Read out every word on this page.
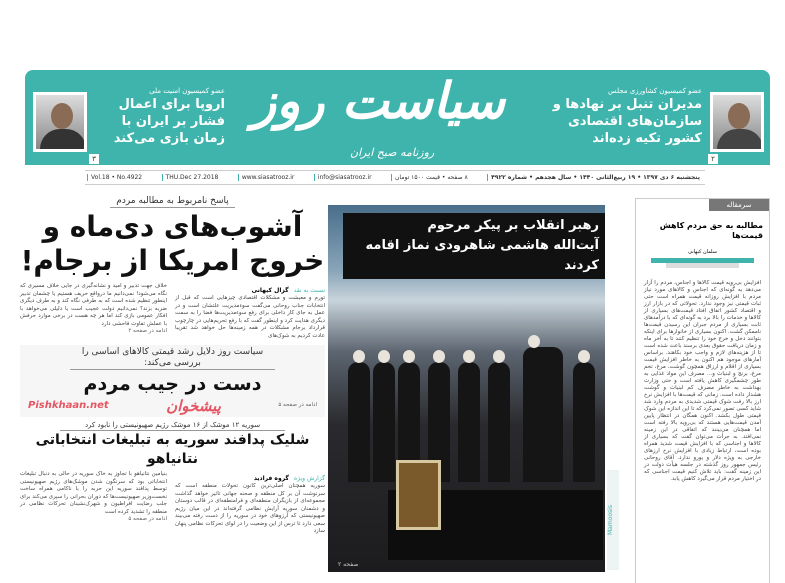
۳
عضو کمیسیون امنیت ملی
اروپا برای اعمال فشار بر ایران با زمان بازی می‌کند
۲
عضو کمیسیون کشاورزی مجلس
مدیران تنبل بر نهادها و سازمان‌های اقتصادی کشور تکیه زده‌اند
سیاست روز
روزنامه صبح ایران
پنجشنبه ۶ دی ۱۳۹۷ • ۱۹ ربیع‌الثانی ۱۴۴۰ • سال هجدهم • شماره ۴۹۲۲
۸ صفحه • قیمت ۱۵۰۰ تومان
info@siasatrooz.ir
www.siasatrooz.ir
THU.Dec 27.2018
Vol.18 • No.4922
پاسخ نامربوط به مطالبه مردم
آشوب‌های دی‌ماه و خروج امریکا از برجام!
نسبت به نقد گزال کیهانی
تورم و معیشت و مشکلات اقتصادی چیزهایی است که قبل از انتخابات جناب روحانی می‌گفت سوءمدیریت علتشان است و در عمل به جای کار داخلی برای رفع سوءمدیریت‌ها فضا را به سمت دیگری هدایت کرد و اینطور گفت که با رفع تحریم‌هایی در چارچوب قرارداد برجام مشکلات در همه زمینه‌ها حل خواهد شد تقریبا عادت کردیم به شوک‌های
خلاف جهت تدبیر و امید و نشانه‌گیری در جایی خلاف مسیری که نگاه می‌شود! نمی‌دانیم ما درواقع حریف هستیم یا چشمان تدبیر اینطور تنظیم شده است که به طرفی نگاه کند و به طرف دیگری ضربه بزند؟ نمی‌دانیم دولت عجیب است یا دلیلی می‌خواهد با افکار عمومی بازی کند اما هر چه هست در برخی موارد حرفش با عملش تفاوت فاحشی دارد
ادامه در صفحه ۲
سیاست روز دلایل رشد قیمتی کالاهای اساسی را بررسی می‌کند:
دست در جیب مردم
ادامه در صفحه ۵
پیشخوان
Pishkhaan.net
سوریه ۱۲ موشک از ۱۶ موشک رژیم صهیونیستی را نابود کرد
شلیک پدافند سوریه به تبلیغات انتخاباتی نتانیاهو
گزارش ویژه گروه فرادید
سوریه همچنان اصلی‌ترین کانون تحولات منطقه است که سرنوشت آن بر کل منطقه و صحنه جهانی تاثیر خواهد گذاشت مجموعه‌ای از بازیگران منطقه‌ای و فرامنطقه‌ای در قالب دوستان و دشمنان سوریه آرایش نظامی گرفته‌اند در این میان رژیم صهیونیستی که آرزوهای خود در سوریه را از دست رفته می‌بیند سعی دارد تا ترس از این وضعیت را در لوای تحرکات نظامی پنهان سازد
بنیامین نتانیاهو با تجاوز به خاک سوریه در حالی به دنبال تبلیغات انتخاباتی بود که سرنگون شدن موشک‌های رژیم صهیونیستی توسط پدافند سوریه این حربه را با ناکامی همراه ساخت نخست‌وزیر صهیونیست‌ها که دوران بحرانی را سپری می‌کند برای جلب رضایت افراطیون و شهرک‌نشینان تحرکات نظامی در منطقه را تشدید کرده است
ادامه در صفحه ۵
رهبر انقلاب بر پیکر مرحوم
آیت‌الله هاشمی شاهرودی نماز اقامه کردند
صفحه ۲
Mamoosis
سرمقاله
مطالبه به حق مردم کاهش قیمت‌ها
سلمان کیهانی
افزایش بی‌رویه قیمت کالاها و اجناس، مردم را آزار می‌دهد به گونه‌ای که اجناس و کالاهای مورد نیاز مردم با افزایش روزانه قیمت همراه است حتی ثبات قیمتی نیز وجود ندارد. تحولاتی که در بازار ارز و اقتصاد کشور اتفاق افتاد قیمت‌های بسیاری از کالاها و خدمات را بالا برد به گونه‌ای که با درآمدهای ثابت بسیاری از مردم جبران این رسیدن قیمت‌ها ناممکن گشت. اکنون بسیاری از خانوارها برای اینکه بتوانند دخل و خرج خود را تنظیم کنند تا به آخر ماه و زمان دریافت حقوق بعدی برسند باعث شده است تا از هزینه‌های لازم و واجب خود بکاهند. براساس آمارهای موجود هم اکنون به خاطر افزایش قیمت بسیاری از اقلام و ارزاق همچون گوشت، مرغ، تخم مرغ، برنج و لبنیات و... مصرف این مواد غذایی به طور چشمگیری کاهش یافته است و حتی وزارت بهداشت به خاطر مصرف کم لبنیات و گوشت هشدار داده است. زمانی که قیمت‌ها با افزایش نرخ ارز بالا رفت شوک قیمتی شدیدی به مردم وارد شد شاید کسی تصور نمی‌کرد که تا این اندازه این شوک قیمتی طول بکشد. اکنون همگان در انتظار پایین آمدن قیمت‌هایی هستند که بی‌رویه بالا رفته است اما همچنان می‌بینند که اتفاقی در این زمینه نمی‌افتد. به جرأت می‌توان گفت که بسیاری از کالاها و اجناسی که با افزایش قیمت شدید همراه بوده است، ارتباط زیادی با افزایش نرخ ارزهای خارجی به ویژه دلار و یورو ندارد. آقای روحانی رئیس جمهور روز گذشته در جلسه هیأت دولت در این زمینه گفت: باید تلاش کنیم قیمت اجناسی که در اختیار مردم قرار می‌گیرد کاهش یابد.
